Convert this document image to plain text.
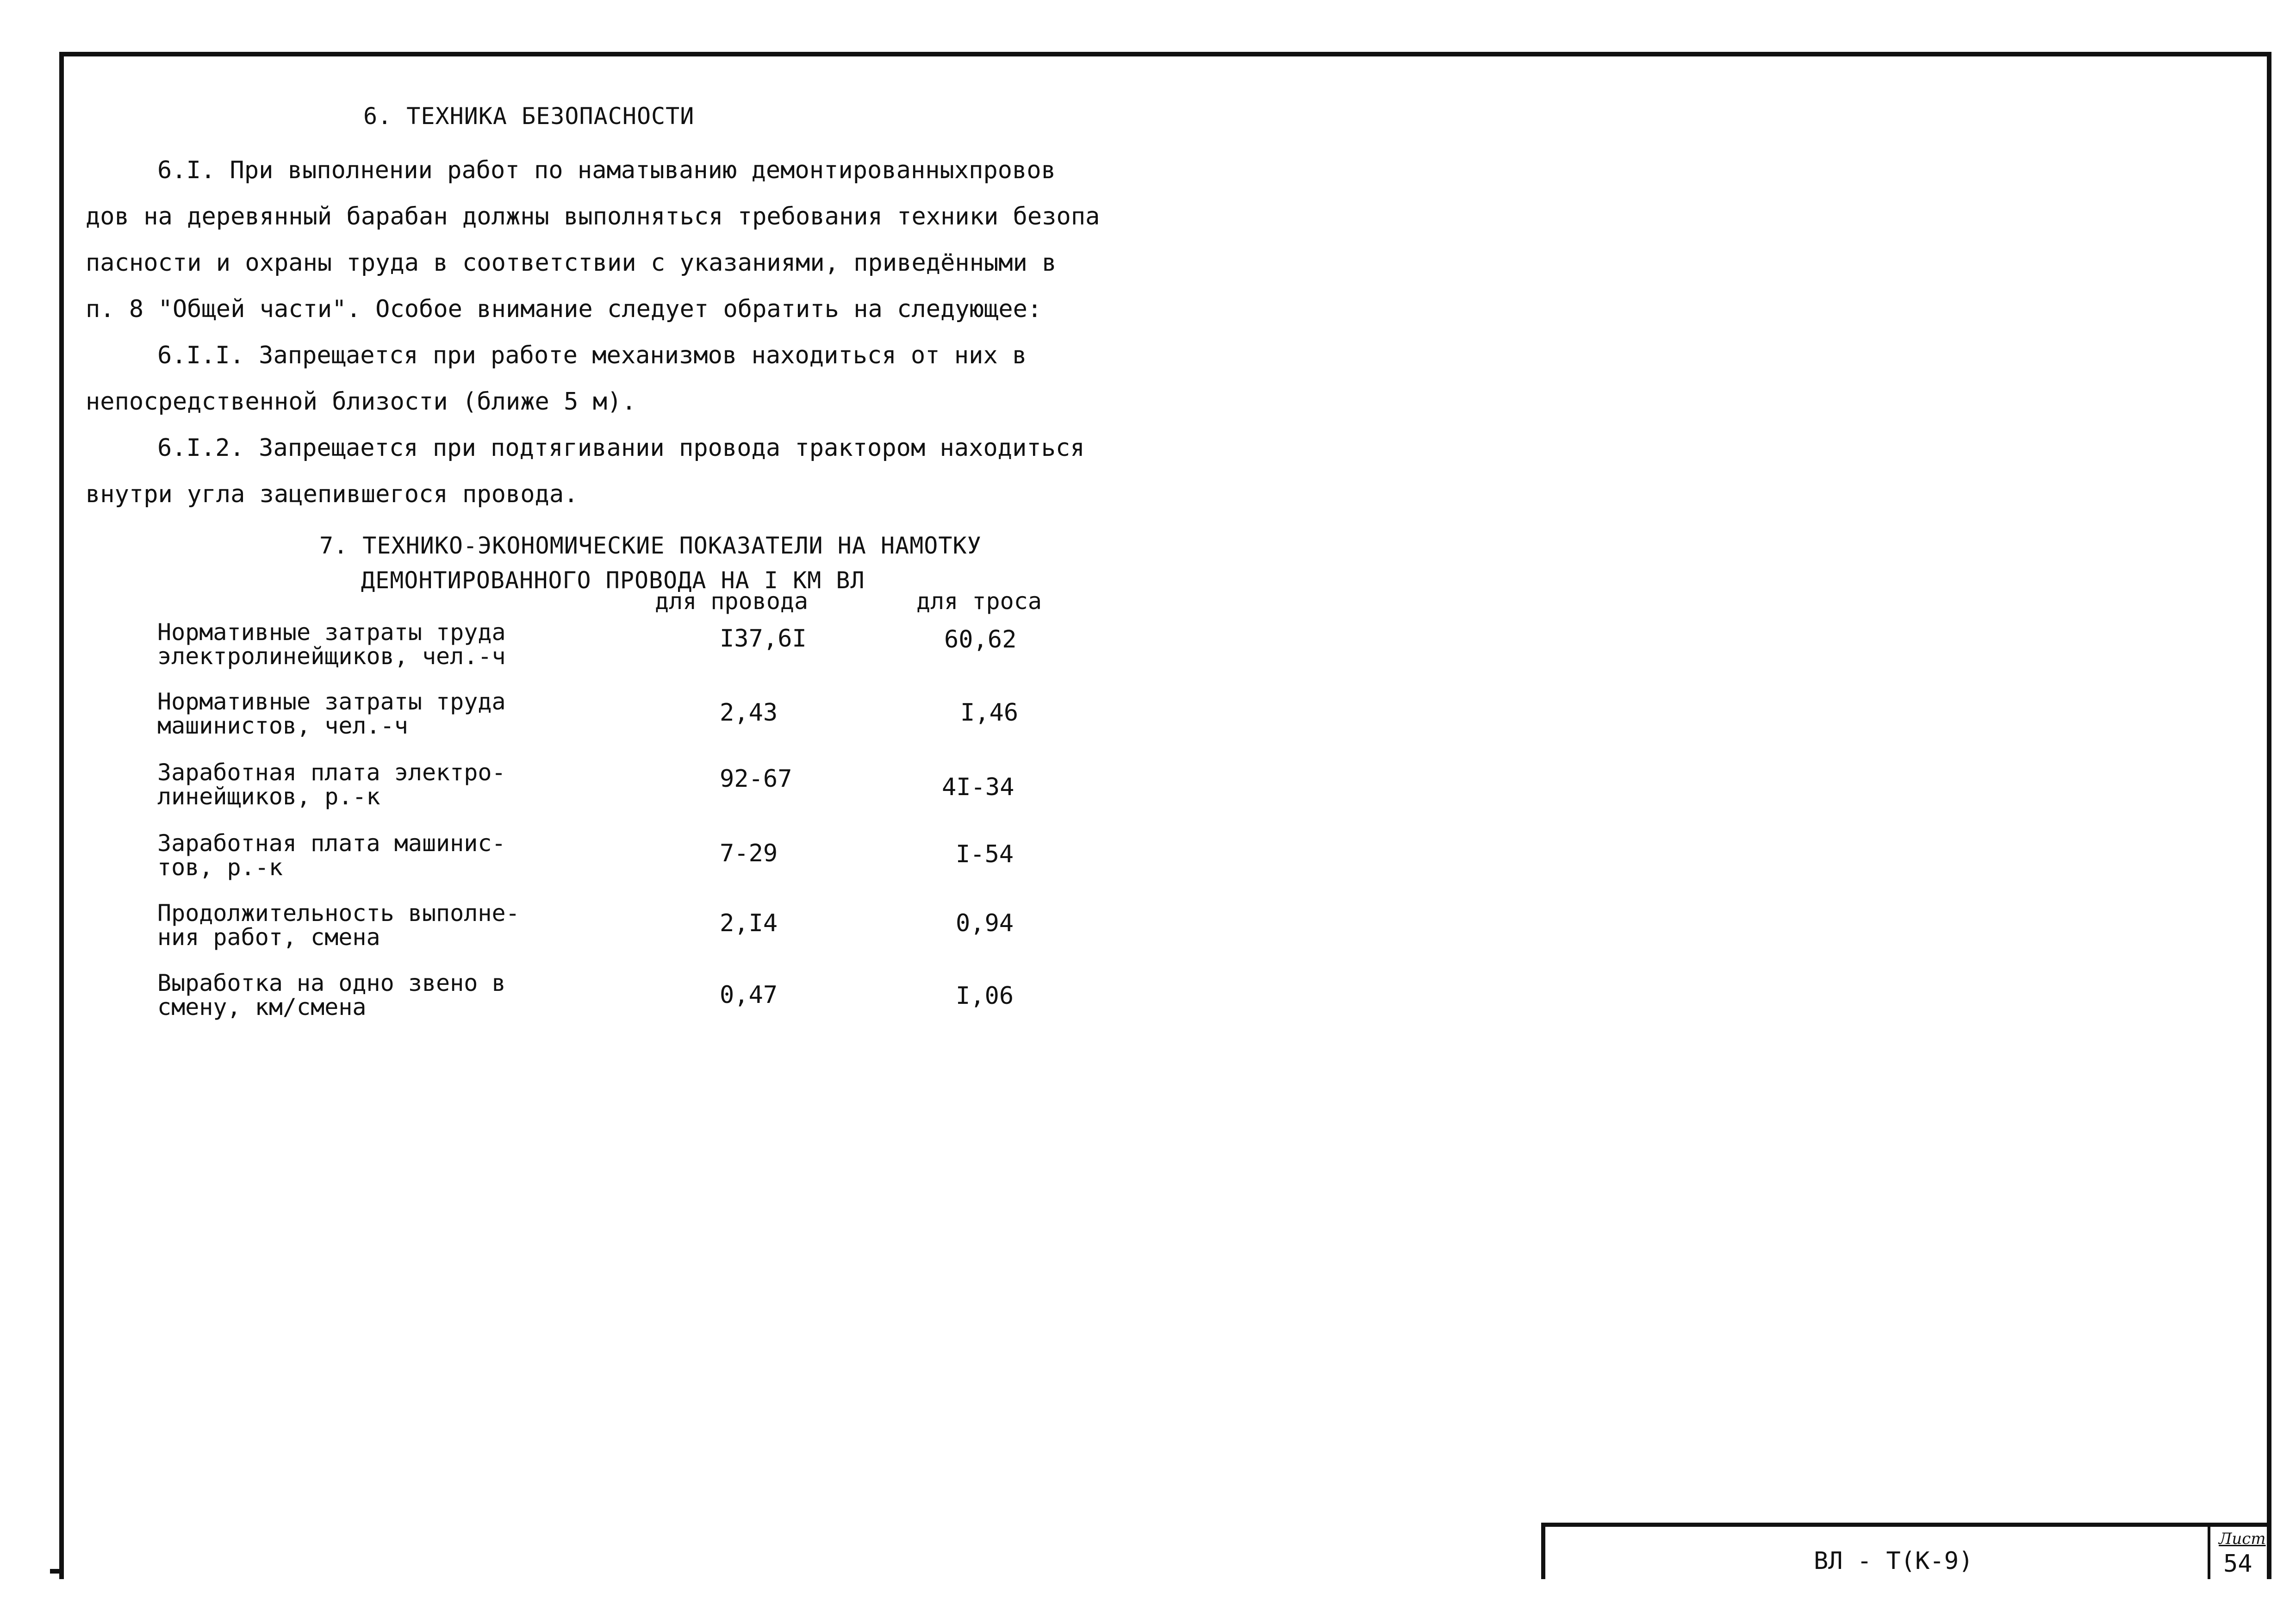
6. ТЕХНИКА БЕЗОПАСНОСТИ
6.I. При выполнении работ по наматыванию демонтированныхпровов
дов на деревянный барабан должны выполняться требования техники безопа
пасности и охраны труда в соответствии с указаниями, приведёнными в
п. 8 "Общей части". Особое внимание следует обратить на следующее:
6.I.I. Запрещается при работе механизмов находиться от них в
непосредственной близости (ближе 5 м).
6.I.2. Запрещается при подтягивании провода трактором находиться
внутри угла зацепившегося провода.
7. ТЕХНИКО-ЭКОНОМИЧЕСКИЕ ПОКАЗАТЕЛИ НА НАМОТКУ
ДЕМОНТИРОВАННОГО ПРОВОДА НА I КМ ВЛ
для провода	для троса
Нормативные затраты труда
электролинейщиков, чел.-ч
I37,6I	60,62
Нормативные затраты труда
машинистов, чел.-ч	2,43	I,46
Заработная плата электро-
линейщиков, р.-к
92-67	4I-34
Заработная плата машинис-
тов, р.-к	7-29	I-54
Продолжительность выполне-
ния работ, смена	2,I4	0,94
Выработка на одно звено в
смену, км/смена	0,47	I,06
ВЛ - Т(К-9)
Лист
54
